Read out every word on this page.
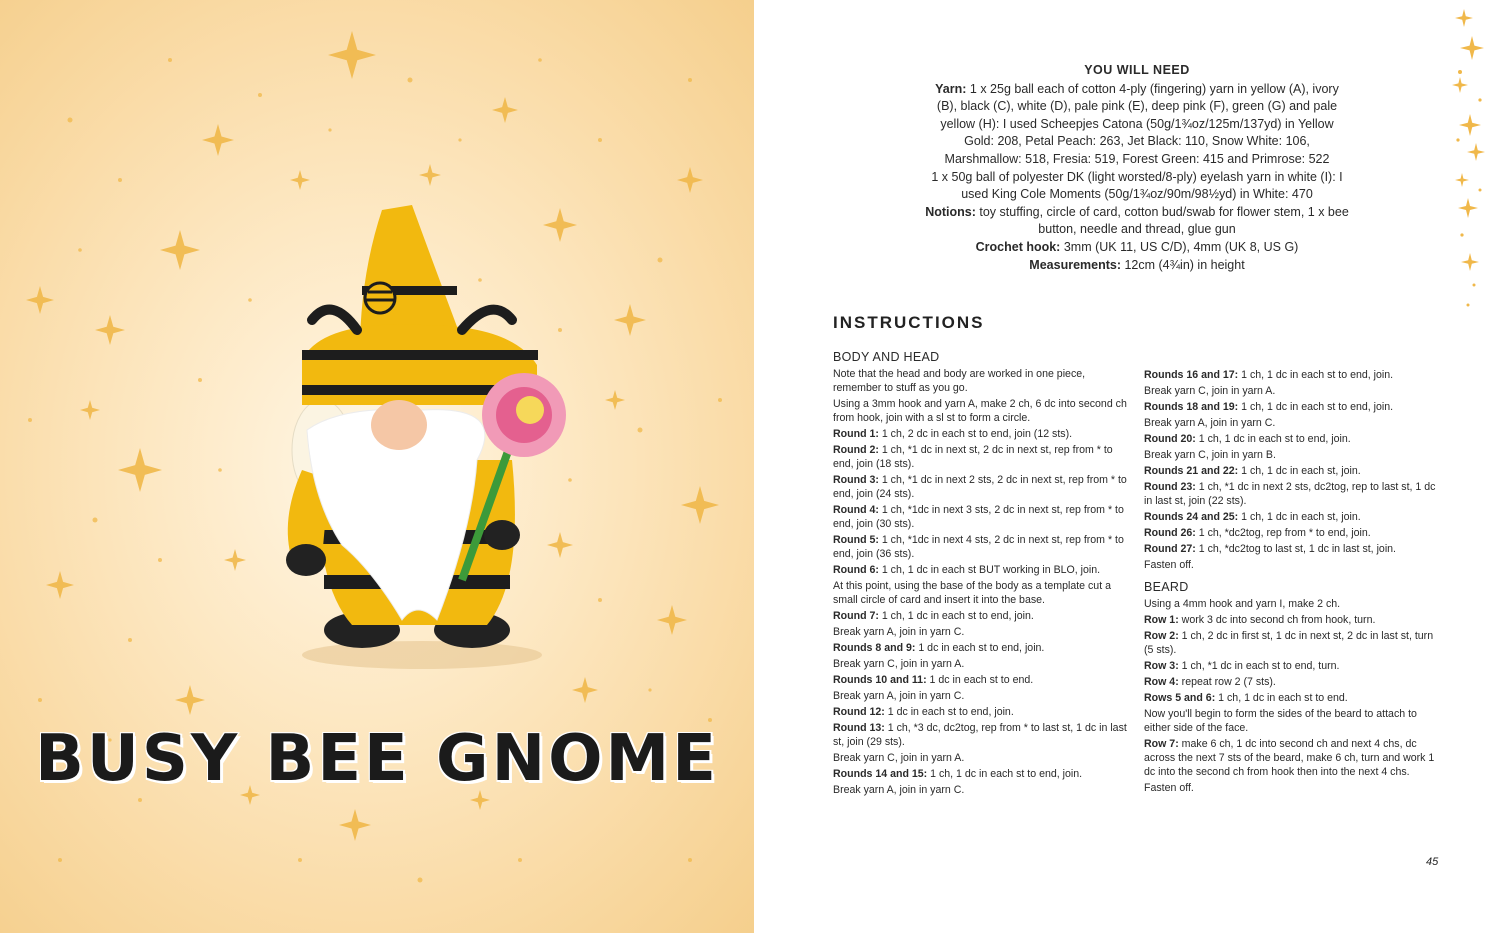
BUSY BEE GNOME
YOU WILL NEED

Yarn: 1 x 25g ball each of cotton 4-ply (fingering) yarn in yellow (A), ivory (B), black (C), white (D), pale pink (E), deep pink (F), green (G) and pale yellow (H): I used Scheepjes Catona (50g/1¾oz/125m/137yd) in Yellow Gold: 208, Petal Peach: 263, Jet Black: 110, Snow White: 106, Marshmallow: 518, Fresia: 519, Forest Green: 415 and Primrose: 522

1 x 50g ball of polyester DK (light worsted/8-ply) eyelash yarn in white (I): I used King Cole Moments (50g/1¾oz/90m/98½yd) in White: 470

Notions: toy stuffing, circle of card, cotton bud/swab for flower stem, 1 x bee button, needle and thread, glue gun

Crochet hook: 3mm (UK 11, US C/D), 4mm (UK 8, US G)

Measurements: 12cm (4¾in) in height

INSTRUCTIONS
BODY AND HEAD

Note that the head and body are worked in one piece, remember to stuff as you go.

Using a 3mm hook and yarn A, make 2 ch, 6 dc into second ch from hook, join with a sl st to form a circle.

Round 1: 1 ch, 2 dc in each st to end, join (12 sts).

Round 2: 1 ch, *1 dc in next st, 2 dc in next st, rep from * to end, join (18 sts).

Round 3: 1 ch, *1 dc in next 2 sts, 2 dc in next st, rep from * to end, join (24 sts).

Round 4: 1 ch, *1dc in next 3 sts, 2 dc in next st, rep from * to end, join (30 sts).

Round 5: 1 ch, *1dc in next 4 sts, 2 dc in next st, rep from * to end, join (36 sts).

Round 6: 1 ch, 1 dc in each st BUT working in BLO, join.

At this point, using the base of the body as a template cut a small circle of card and insert it into the base.

Round 7: 1 ch, 1 dc in each st to end, join.

Break yarn A, join in yarn C.

Rounds 8 and 9: 1 dc in each st to end, join.

Break yarn C, join in yarn A.

Rounds 10 and 11: 1 dc in each st to end.

Break yarn A, join in yarn C.

Round 12: 1 dc in each st to end, join.

Round 13: 1 ch, *3 dc, dc2tog, rep from * to last st, 1 dc in last st, join (29 sts).

Break yarn C, join in yarn A.

Rounds 14 and 15: 1 ch, 1 dc in each st to end, join.

Break yarn A, join in yarn C.

Rounds 16 and 17: 1 ch, 1 dc in each st to end, join.

Break yarn C, join in yarn A.

Rounds 18 and 19: 1 ch, 1 dc in each st to end, join.

Break yarn A, join in yarn C.

Round 20: 1 ch, 1 dc in each st to end, join.

Break yarn C, join in yarn B.

Rounds 21 and 22: 1 ch, 1 dc in each st, join.

Round 23: 1 ch, *1 dc in next 2 sts, dc2tog, rep to last st, 1 dc in last st, join (22 sts).

Rounds 24 and 25: 1 ch, 1 dc in each st, join.

Round 26: 1 ch, *dc2tog, rep from * to end, join.

Round 27: 1 ch, *dc2tog to last st, 1 dc in last st, join.

Fasten off.

BEARD

Using a 4mm hook and yarn I, make 2 ch.

Row 1: work 3 dc into second ch from hook, turn.

Row 2: 1 ch, 2 dc in first st, 1 dc in next st, 2 dc in last st, turn (5 sts).

Row 3: 1 ch, *1 dc in each st to end, turn.

Row 4: repeat row 2 (7 sts).

Rows 5 and 6: 1 ch, 1 dc in each st to end.

Now you'll begin to form the sides of the beard to attach to either side of the face.

Row 7: make 6 ch, 1 dc into second ch and next 4 chs, dc across the next 7 sts of the beard, make 6 ch, turn and work 1 dc into the second ch from hook then into the next 4 chs.

Fasten off.

45
